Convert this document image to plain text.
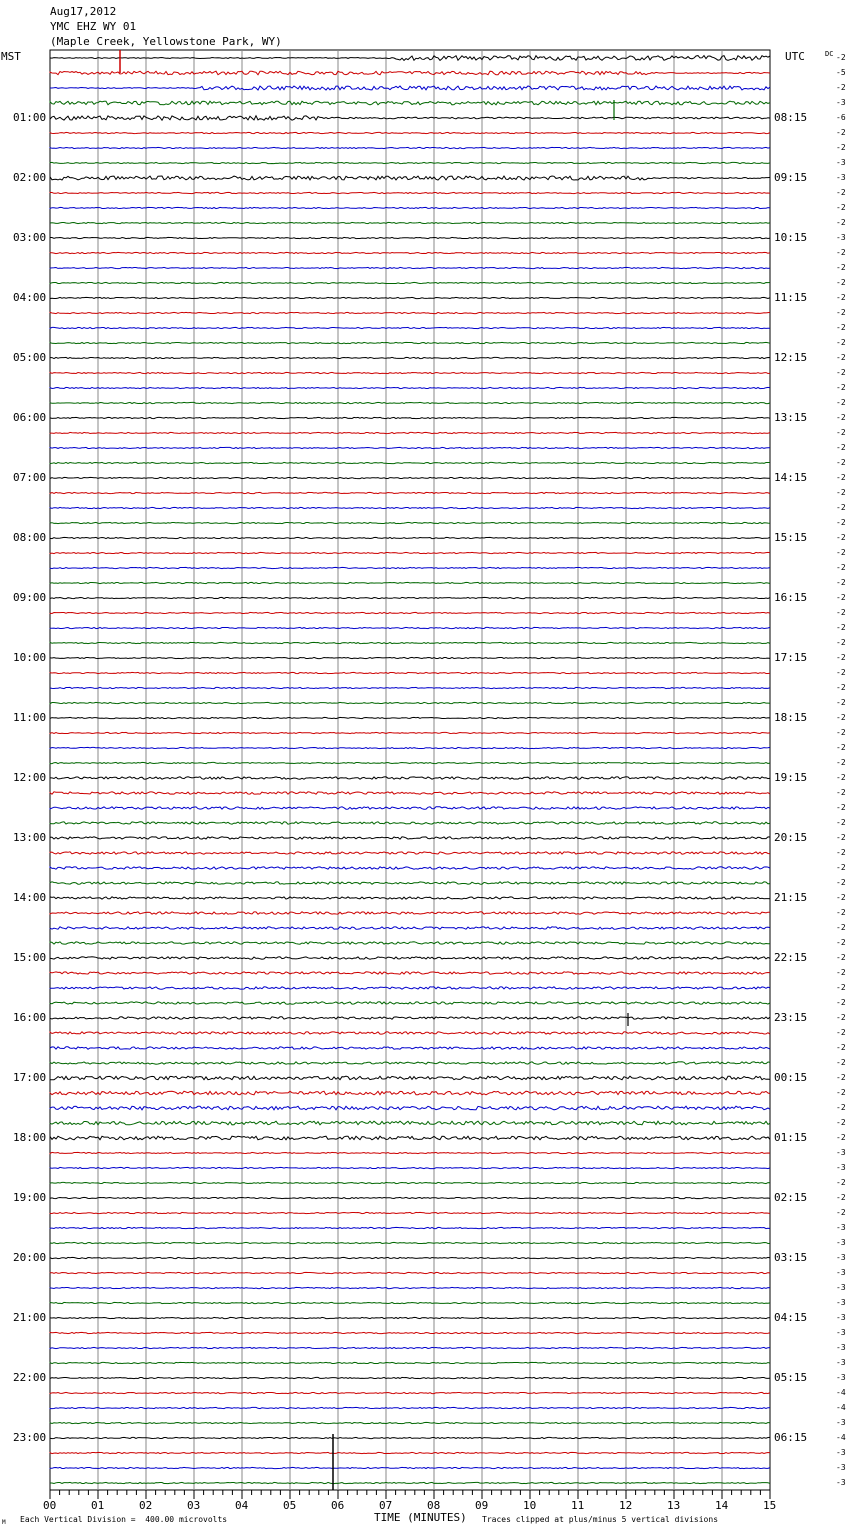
Aug17,2012
YMC EHZ WY 01
(Maple Creek, Yellowstone Park, WY)
MST	UTC	DC
01:00	08:15
02:00	09:15
03:00	10:15
04:00	11:15
05:00	12:15
06:00	13:15
07:00	14:15
08:00	15:15
09:00	16:15
10:00	17:15
11:00	18:15
12:00	19:15
13:00	20:15
14:00	21:15
15:00	22:15
16:00	23:15
17:00	00:15
18:00	01:15
19:00	02:15
20:00	03:15
21:00	04:15
22:00	05:15
23:00	06:15
-2
-5
-2
-3
-6
-2
-2
-3
-3
-2
-2
-2
-3
-2
-2
-2
-2
-2
-2
-2
-2
-2
-2
-2
-2
-2
-2
-2
-2
-2
-2
-2
-2
-2
-2
-2
-2
-2
-2
-2
-2
-2
-2
-2
-2
-2
-2
-2
-2
-2
-2
-2
-2
-2
-2
-2
-2
-2
-2
-2
-2
-2
-2
-2
-2
-2
-2
-2
-2
-2
-2
-2
-2
-3
-3
-2
-2
-2
-3
-3
-3
-3
-3
-3
-3
-3
-3
-3
-3
-4
-4
-3
-4
-3
-3
-3
00	01	02	03	04	05	06	07	08	09	10	11	12	13	14	15
TIME (MINUTES)
Each Vertical Division =  400.00 microvolts	Traces clipped at plus/minus 5 vertical divisions
M
